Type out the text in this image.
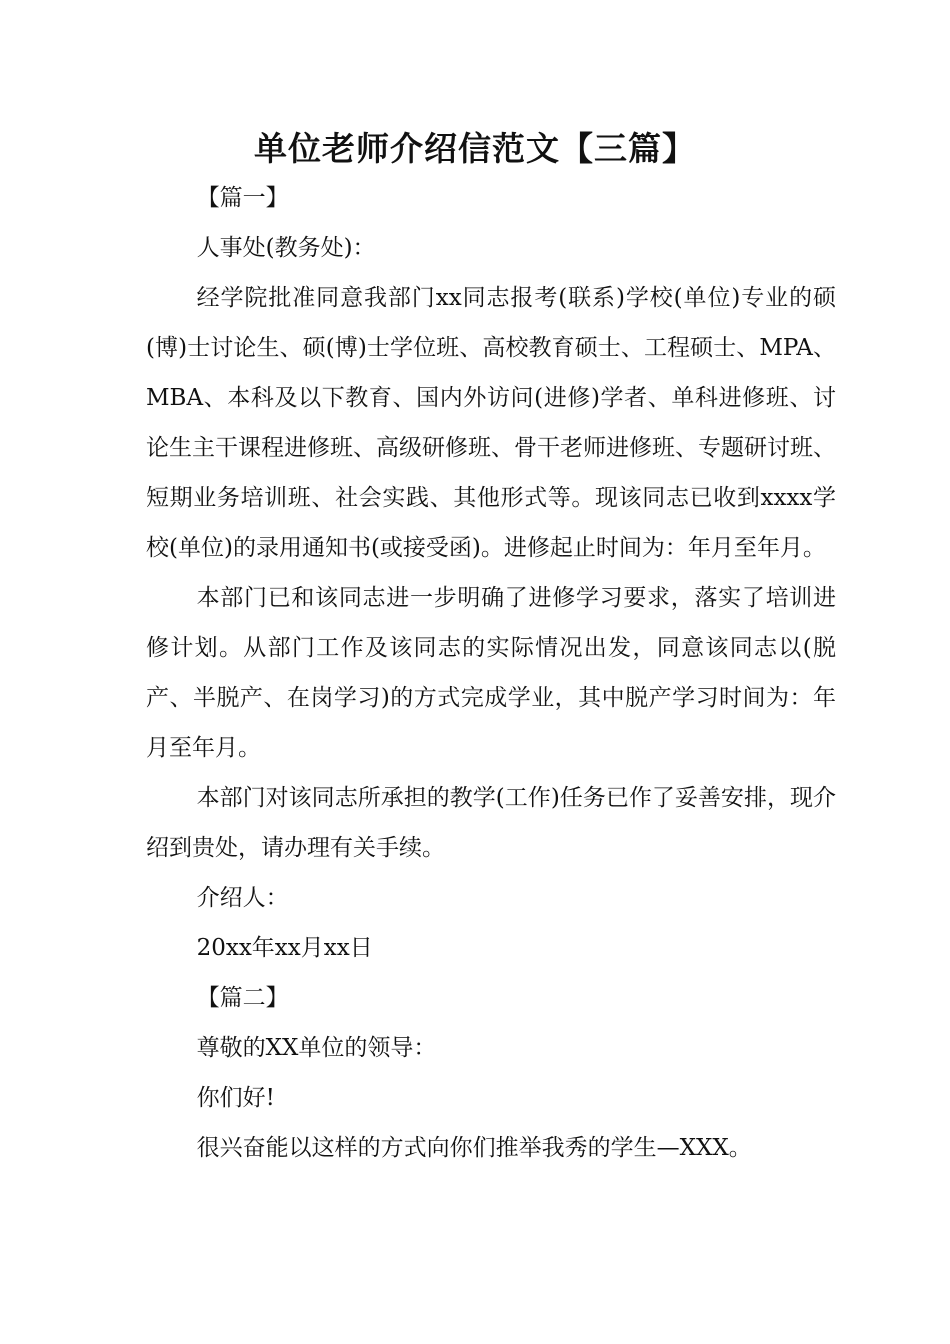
单位老师介绍信范文【三篇】

【篇一】

人事处(教务处)：

经学院批准同意我部门xx同志报考(联系)学校(单位)专业的硕(博)士讨论生、硕(博)士学位班、高校教育硕士、工程硕士、MPA、MBA、本科及以下教育、国内外访问(进修)学者、单科进修班、讨论生主干课程进修班、高级研修班、骨干老师进修班、专题研讨班、短期业务培训班、社会实践、其他形式等。现该同志已收到xxxx学校(单位)的录用通知书(或接受函)。进修起止时间为：年月至年月。

本部门已和该同志进一步明确了进修学习要求，落实了培训进修计划。从部门工作及该同志的实际情况出发，同意该同志以(脱产、半脱产、在岗学习)的方式完成学业，其中脱产学习时间为：年月至年月。

本部门对该同志所承担的教学(工作)任务已作了妥善安排，现介绍到贵处，请办理有关手续。

介绍人：

20xx年xx月xx日

【篇二】

尊敬的XX单位的领导：

你们好!

很兴奋能以这样的方式向你们推举我秀的学生—XXX。
